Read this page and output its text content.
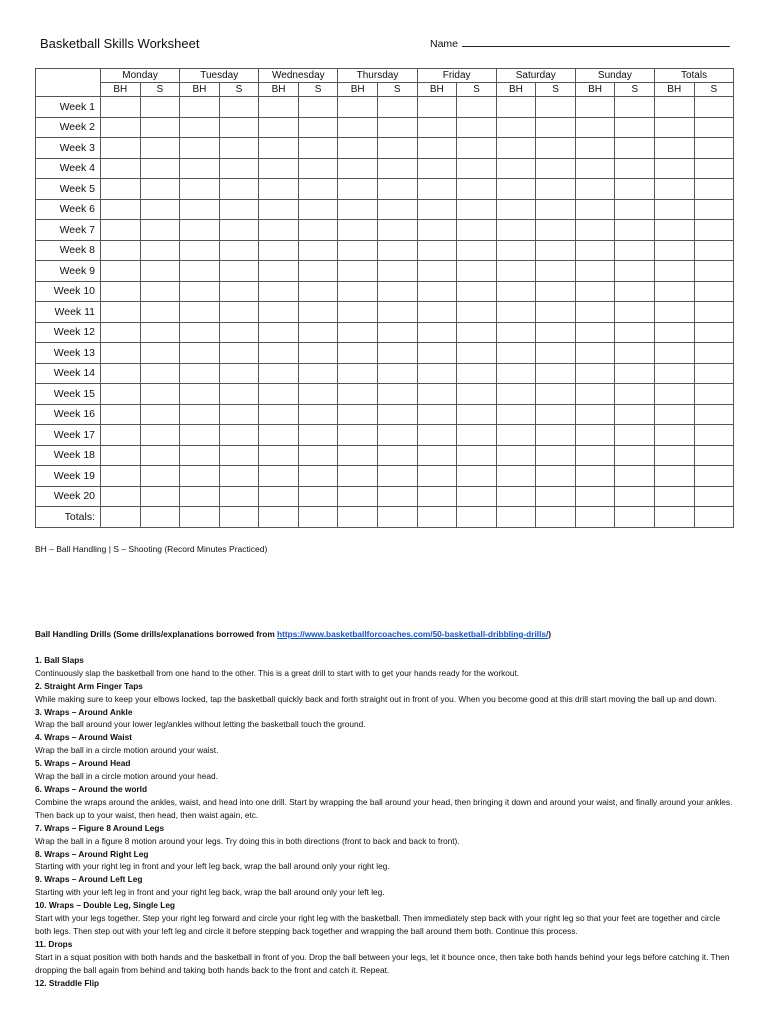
Basketball Skills Worksheet	Name
	Monday		Tuesday		Wednesday		Thursday		Friday		Saturday		Sunday		Totals	
	BH	S	BH	S	BH	S	BH	S	BH	S	BH	S	BH	S	BH	S
Week 1																
Week 2																
Week 3																
Week 4																
Week 5																
Week 6																
Week 7																
Week 8																
Week 9																
Week 10																
Week 11																
Week 12																
Week 13																
Week 14																
Week 15																
Week 16																
Week 17																
Week 18																
Week 19																
Week 20																
Totals:																
BH – Ball Handling | S – Shooting (Record Minutes Practiced)
Ball Handling Drills (Some drills/explanations borrowed from https://www.basketballforcoaches.com/50-basketball-dribbling-drills/)
1. Ball Slaps
Continuously slap the basketball from one hand to the other. This is a great drill to start with to get your hands ready for the workout.
2. Straight Arm Finger Taps
While making sure to keep your elbows locked, tap the basketball quickly back and forth straight out in front of you. When you become good at this drill start moving the ball up and down.
3. Wraps – Around Ankle
Wrap the ball around your lower leg/ankles without letting the basketball touch the ground.
4. Wraps – Around Waist
Wrap the ball in a circle motion around your waist.
5. Wraps – Around Head
Wrap the ball in a circle motion around your head.
6. Wraps – Around the world
Combine the wraps around the ankles, waist, and head into one drill. Start by wrapping the ball around your head, then bringing it down and around your waist, and finally around your ankles. Then back up to your waist, then head, then waist again, etc.
7. Wraps – Figure 8 Around Legs
Wrap the ball in a figure 8 motion around your legs. Try doing this in both directions (front to back and back to front).
8. Wraps – Around Right Leg
Starting with your right leg in front and your left leg back, wrap the ball around only your right leg.
9. Wraps – Around Left Leg
Starting with your left leg in front and your right leg back, wrap the ball around only your left leg.
10. Wraps – Double Leg, Single Leg
Start with your legs together. Step your right leg forward and circle your right leg with the basketball. Then immediately step back with your right leg so that your feet are together and circle both legs. Then step out with your left leg and circle it before stepping back together and wrapping the ball around them both. Continue this process.
11. Drops
Start in a squat position with both hands and the basketball in front of you. Drop the ball between your legs, let it bounce once, then take both hands behind your legs before catching it. Then dropping the ball again from behind and taking both hands back to the front and catch it. Repeat.
12. Straddle Flip
